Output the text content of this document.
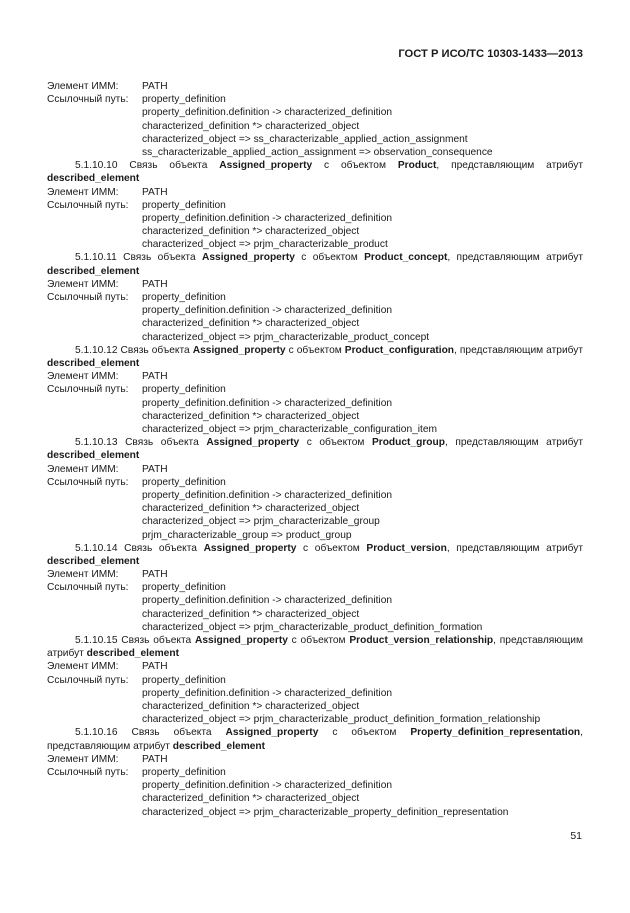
ГОСТ Р ИСО/ТС 10303-1433—2013
Элемент ИММ: PATH
Ссылочный путь: property_definition
property_definition.definition -> characterized_definition
characterized_definition *> characterized_object
characterized_object => ss_characterizable_applied_action_assignment
ss_characterizable_applied_action_assignment => observation_consequence
5.1.10.10 Связь объекта Assigned_property с объектом Product, представляющим атрибут described_element
Элемент ИММ: PATH
Ссылочный путь: property_definition
property_definition.definition -> characterized_definition
characterized_definition *> characterized_object
characterized_object => prjm_characterizable_product
5.1.10.11 Связь объекта Assigned_property с объектом Product_concept, представляющим атрибут described_element
Элемент ИММ: PATH
Ссылочный путь: property_definition
property_definition.definition -> characterized_definition
characterized_definition *> characterized_object
characterized_object => prjm_characterizable_product_concept
5.1.10.12 Связь объекта Assigned_property с объектом Product_configuration, представляющим атрибут described_element
Элемент ИММ: PATH
Ссылочный путь: property_definition
property_definition.definition -> characterized_definition
characterized_definition *> characterized_object
characterized_object => prjm_characterizable_configuration_item
5.1.10.13 Связь объекта Assigned_property с объектом Product_group, представляющим атрибут described_element
Элемент ИММ: PATH
Ссылочный путь: property_definition
property_definition.definition -> characterized_definition
characterized_definition *> characterized_object
characterized_object => prjm_characterizable_group
prjm_characterizable_group => product_group
5.1.10.14 Связь объекта Assigned_property с объектом Product_version, представляющим атрибут described_element
Элемент ИММ: PATH
Ссылочный путь: property_definition
property_definition.definition -> characterized_definition
characterized_definition *> characterized_object
characterized_object => prjm_characterizable_product_definition_formation
5.1.10.15 Связь объекта Assigned_property с объектом Product_version_relationship, представляющим атрибут described_element
Элемент ИММ: PATH
Ссылочный путь: property_definition
property_definition.definition -> characterized_definition
characterized_definition *> characterized_object
characterized_object => prjm_characterizable_product_definition_formation_relationship
5.1.10.16 Связь объекта Assigned_property с объектом Property_definition_representation, представляющим атрибут described_element
Элемент ИММ: PATH
Ссылочный путь: property_definition
property_definition.definition -> characterized_definition
characterized_definition *> characterized_object
characterized_object => prjm_characterizable_property_definition_representation
51
